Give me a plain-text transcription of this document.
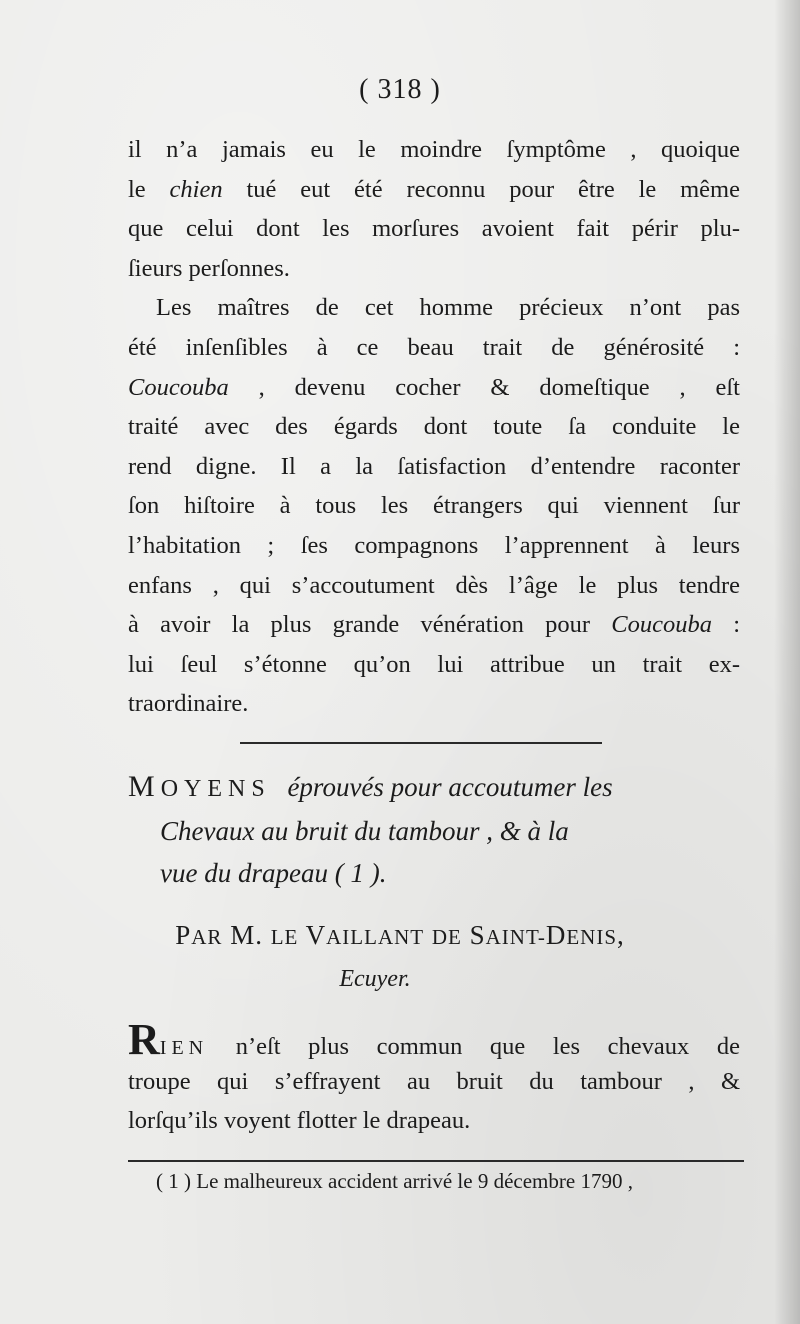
( 318 )
il n’a jamais eu le moindre ſymptôme , quoique
le chien tué eut été reconnu pour être le même
que celui dont les morſures avoient fait périr plu-
ſieurs perſonnes.
Les maîtres de cet homme précieux n’ont pas
été inſenſibles à ce beau trait de générosité :
Coucouba , devenu cocher & domeſtique , eſt
traité avec des égards dont toute ſa conduite le
rend digne. Il a la ſatisfaction d’entendre raconter
ſon hiſtoire à tous les étrangers qui viennent ſur
l’habitation ; ſes compagnons l’apprennent à leurs
enfans , qui s’accoutument dès l’âge le plus tendre
à avoir la plus grande vénération pour Coucouba :
lui ſeul s’étonne qu’on lui attribue un trait ex-
traordinaire.
MOYENS éprouvés pour accoutumer les
Chevaux au bruit du tambour , & à la
vue du drapeau ( 1 ).
PAR M. LE VAILLANT DE SAINT-DENIS,
Ecuyer.
RIEN n’eſt plus commun que les chevaux de
troupe qui s’effrayent au bruit du tambour , &
lorſqu’ils voyent flotter le drapeau.
( 1 ) Le malheureux accident arrivé le 9 décembre 1790 ,
